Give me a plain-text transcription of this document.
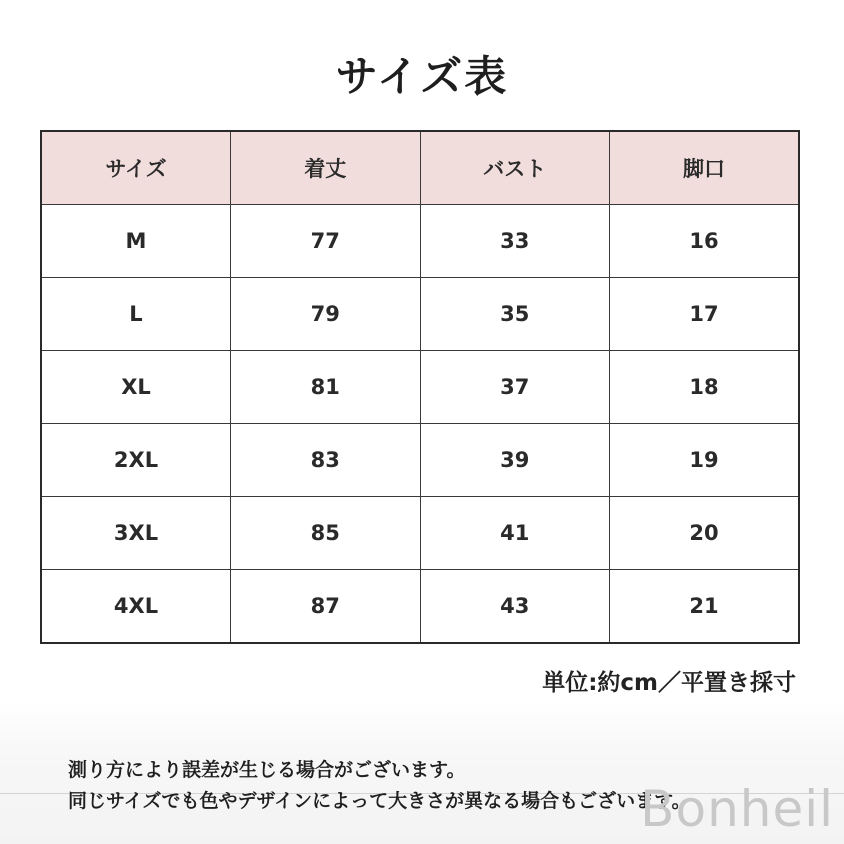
サイズ表
サイズ	着丈	バスト	脚口
M	77	33	16
L	79	35	17
XL	81	37	18
2XL	83	39	19
3XL	85	41	20
4XL	87	43	21
単位:約cm／平置き採寸
測り方により誤差が生じる場合がございます。
同じサイズでも色やデザインによって大きさが異なる場合もございます。
Bonheil
